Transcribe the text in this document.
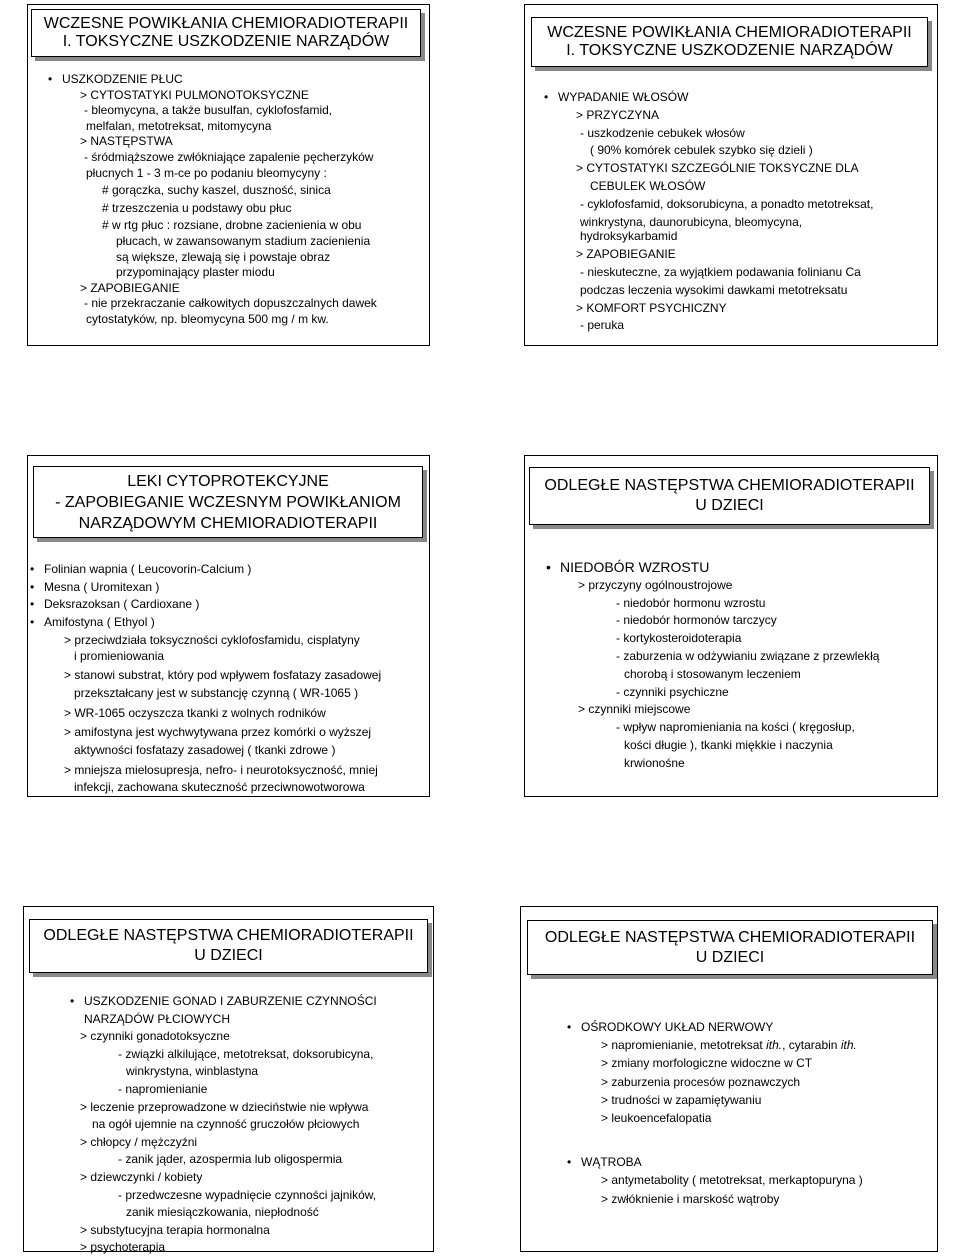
WCZESNE POWIKŁANIA CHEMIORADIOTERAPII
I. TOKSYCZNE USZKODZENIE NARZĄDÓW
• USZKODZENIE PŁUC
> CYTOSTATYKI PULMONOTOKSYCZNE
- bleomycyna, a także busulfan, cyklofosfamid,
melfalan, metotreksat, mitomycyna
> NASTĘPSTWA
- śródmiąższowe zwłókniające zapalenie pęcherzyków
płucnych 1 - 3 m-ce po podaniu bleomycyny :
# gorączka, suchy kaszel, duszność, sinica
# trzeszczenia u podstawy obu płuc
# w rtg płuc : rozsiane, drobne zacienienia w obu
płucach, w zawansowanym stadium zacienienia
są większe, zlewają się i powstaje obraz
przypominający plaster miodu
> ZAPOBIEGANIE
- nie przekraczanie całkowitych dopuszczalnych dawek
cytostatyków, np. bleomycyna 500 mg / m kw.
WCZESNE POWIKŁANIA CHEMIORADIOTERAPII
I. TOKSYCZNE USZKODZENIE NARZĄDÓW
• WYPADANIE WŁOSÓW
> PRZYCZYNA
- uszkodzenie cebukek włosów
( 90% komórek cebulek szybko się dzieli )
> CYTOSTATYKI SZCZEGÓLNIE TOKSYCZNE DLA
CEBULEK WŁOSÓW
- cyklofosfamid, doksorubicyna, a ponadto metotreksat,
winkrystyna, daunorubicyna, bleomycyna,
hydroksykarbamid
> ZAPOBIEGANIE
- nieskuteczne, za wyjątkiem podawania folinianu Ca
podczas leczenia wysokimi dawkami metotreksatu
> KOMFORT PSYCHICZNY
- peruka
LEKI CYTOPROTEKCYJNE
- ZAPOBIEGANIE WCZESNYM POWIKŁANIOM
NARZĄDOWYM CHEMIORADIOTERAPII
• Folinian wapnia ( Leucovorin-Calcium )
• Mesna ( Uromitexan )
• Deksrazoksan ( Cardioxane )
• Amifostyna ( Ethyol )
> przeciwdziała toksyczności cyklofosfamidu, cisplatyny
i promieniowania
> stanowi substrat, który pod wpływem fosfatazy zasadowej
przekształcany jest w substancję czynną ( WR-1065 )
> WR-1065 oczyszcza tkanki z wolnych rodników
> amifostyna jest wychwytywana przez komórki o wyższej
aktywności fosfatazy zasadowej ( tkanki zdrowe )
> mniejsza mielosupresja, nefro- i neurotoksyczność, mniej
infekcji, zachowana skuteczność przeciwnowotworowa
ODLEGŁE NASTĘPSTWA CHEMIORADIOTERAPII
U DZIECI
• NIEDOBÓR WZROSTU
> przyczyny ogólnoustrojowe
- niedobór hormonu wzrostu
- niedobór hormonów tarczycy
- kortykosteroidoterapia
- zaburzenia w odżywianiu związane z przewlekłą
chorobą i stosowanym leczeniem
- czynniki psychiczne
> czynniki miejscowe
- wpływ napromieniania na kości ( kręgosłup,
kości długie ), tkanki miękkie i naczynia
krwionośne
ODLEGŁE NASTĘPSTWA CHEMIORADIOTERAPII
U DZIECI
• USZKODZENIE GONAD I ZABURZENIE CZYNNOŚCI
NARZĄDÓW PŁCIOWYCH
> czynniki gonadotoksyczne
- związki alkilujące, metotreksat, doksorubicyna,
winkrystyna, winblastyna
- napromienianie
> leczenie przeprowadzone w dzieciństwie nie wpływa
na ogół ujemnie na czynność gruczołów płciowych
> chłopcy / mężczyźni
- zanik jąder, azospermia lub oligospermia
> dziewczynki / kobiety
- przedwczesne wypadnięcie czynności jajników,
zanik miesiączkowania, niepłodność
> substytucyjna terapia hormonalna
> psychoterapia
ODLEGŁE NASTĘPSTWA CHEMIORADIOTERAPII
U DZIECI
• OŚRODKOWY UKŁAD NERWOWY
> napromienianie, metotreksat ith., cytarabin ith.
> zmiany morfologiczne widoczne w CT
> zaburzenia procesów poznawczych
> trudności w zapamiętywaniu
> leukoencefalopatia
• WĄTROBA
> antymetabolity ( metotreksat, merkaptopuryna )
> zwłóknienie i marskość wątroby
